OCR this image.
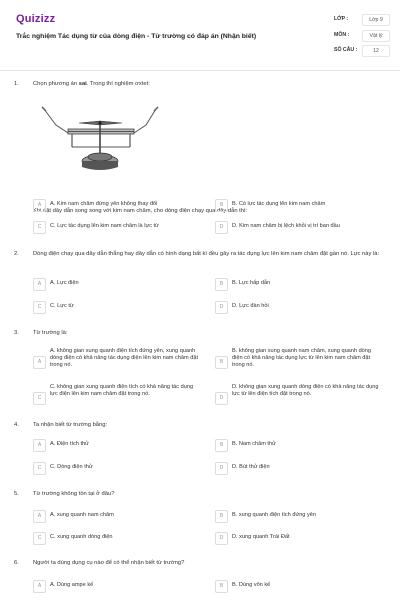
Quizizz
Trắc nghiệm Tác dụng từ của dòng điện - Từ trường có đáp án (Nhận biết)
LỚP :	Lớp 9
MÔN :	Vật lý
SỐ CÂU :	12
1. Chọn phương án sai. Trong thí nghiệm ơxtet:
Khi đặt dây dẫn song song với kim nam châm, cho dòng điện chạy qua dây dẫn thì:
A	A. Kim nam châm đứng yên không thay đổi	B	B. Có lực tác dụng lên kim nam châm
C	C. Lực tác dụng lên kim nam châm là lực từ	D	D. Kim nam châm bị lệch khỏi vị trí ban đầu
2. Dòng điện chạy qua dây dẫn thẳng hay dây dẫn có hình dạng bất kì đều gây ra tác dụng lực lên kim nam châm đặt gần nó. Lực này là:
A	A. Lực điện	B	B. Lực hấp dẫn
C	C. Lực từ	D	D. Lực đàn hồi
3. Từ trường là:
A
A. không gian xung quanh điện tích đứng yên, xung quanh dòng điện có khả năng tác dụng điện lên kim nam châm đặt trong nó.
B
B. không gian xung quanh nam châm, xung quanh dòng điện có khả năng tác dụng lực từ lên kim nam châm đặt trong nó.
C
C. không gian xung quanh điện tích có khả năng tác dụng lực điện lên kim nam châm đặt trong nó.
D
D. không gian xung quanh dòng điện có khả năng tác dụng lực từ lên điện tích đặt trong nó.
4. Ta nhận biết từ trường bằng:
A	A. Điện tích thử	B	B. Nam châm thử
C	C. Dòng điện thử	D	D. Bút thử điện
5. Từ trường không tồn tại ở đâu?
A	A. xung quanh nam châm	B	B. xung quanh điện tích đứng yên
C	C. xung quanh dòng điện	D	D. xung quanh Trái Đất
6. Người ta dùng dụng cụ nào để có thể nhận biết từ trường?
A	A. Dùng ampe kế	B	B. Dùng vôn kế
